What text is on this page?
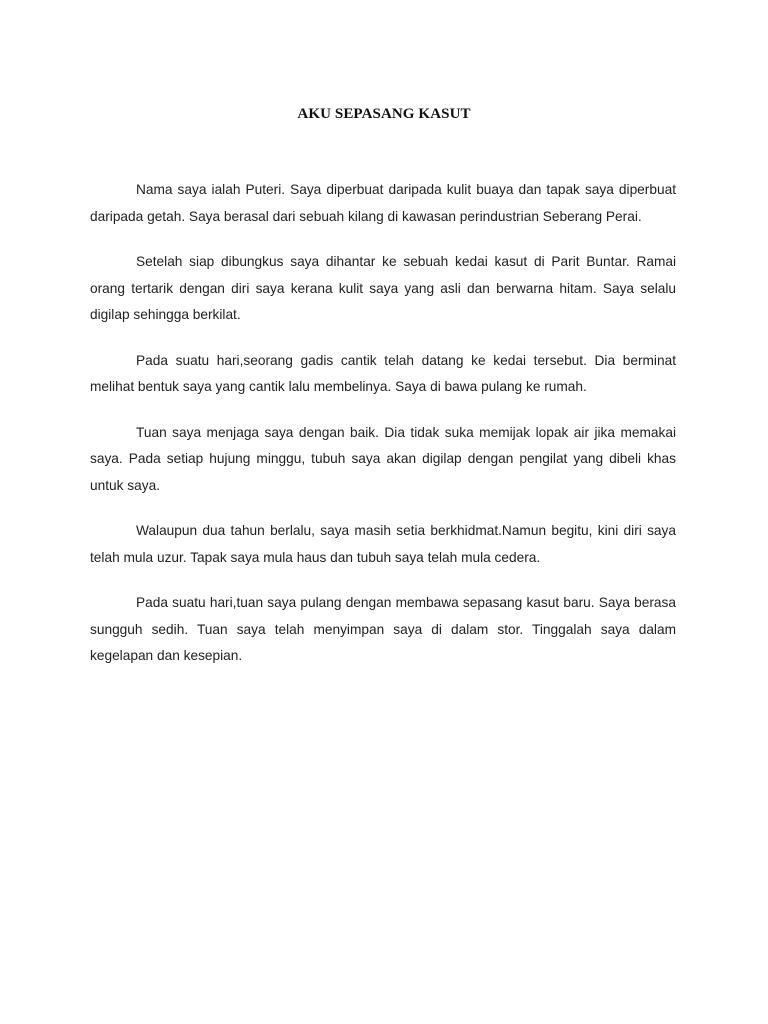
AKU SEPASANG KASUT

Nama saya ialah Puteri. Saya diperbuat daripada kulit buaya dan tapak saya diperbuat daripada getah. Saya berasal dari sebuah kilang di kawasan perindustrian Seberang Perai.

Setelah siap dibungkus saya dihantar ke sebuah kedai kasut di Parit Buntar. Ramai orang tertarik dengan diri saya kerana kulit saya yang asli dan berwarna hitam. Saya selalu digilap sehingga berkilat.

Pada suatu hari,seorang gadis cantik telah datang ke kedai tersebut. Dia berminat melihat bentuk saya yang cantik lalu membelinya. Saya di bawa pulang ke rumah.

Tuan saya menjaga saya dengan baik. Dia tidak suka memijak lopak air jika memakai saya. Pada setiap hujung minggu, tubuh saya akan digilap dengan pengilat yang dibeli khas untuk saya.

Walaupun dua tahun berlalu, saya masih setia berkhidmat.Namun begitu, kini diri saya telah mula uzur. Tapak saya mula haus dan tubuh saya telah mula cedera.

Pada suatu hari,tuan saya pulang dengan membawa sepasang kasut baru. Saya berasa sungguh sedih. Tuan saya telah menyimpan saya di dalam stor. Tinggalah saya dalam kegelapan dan kesepian.
